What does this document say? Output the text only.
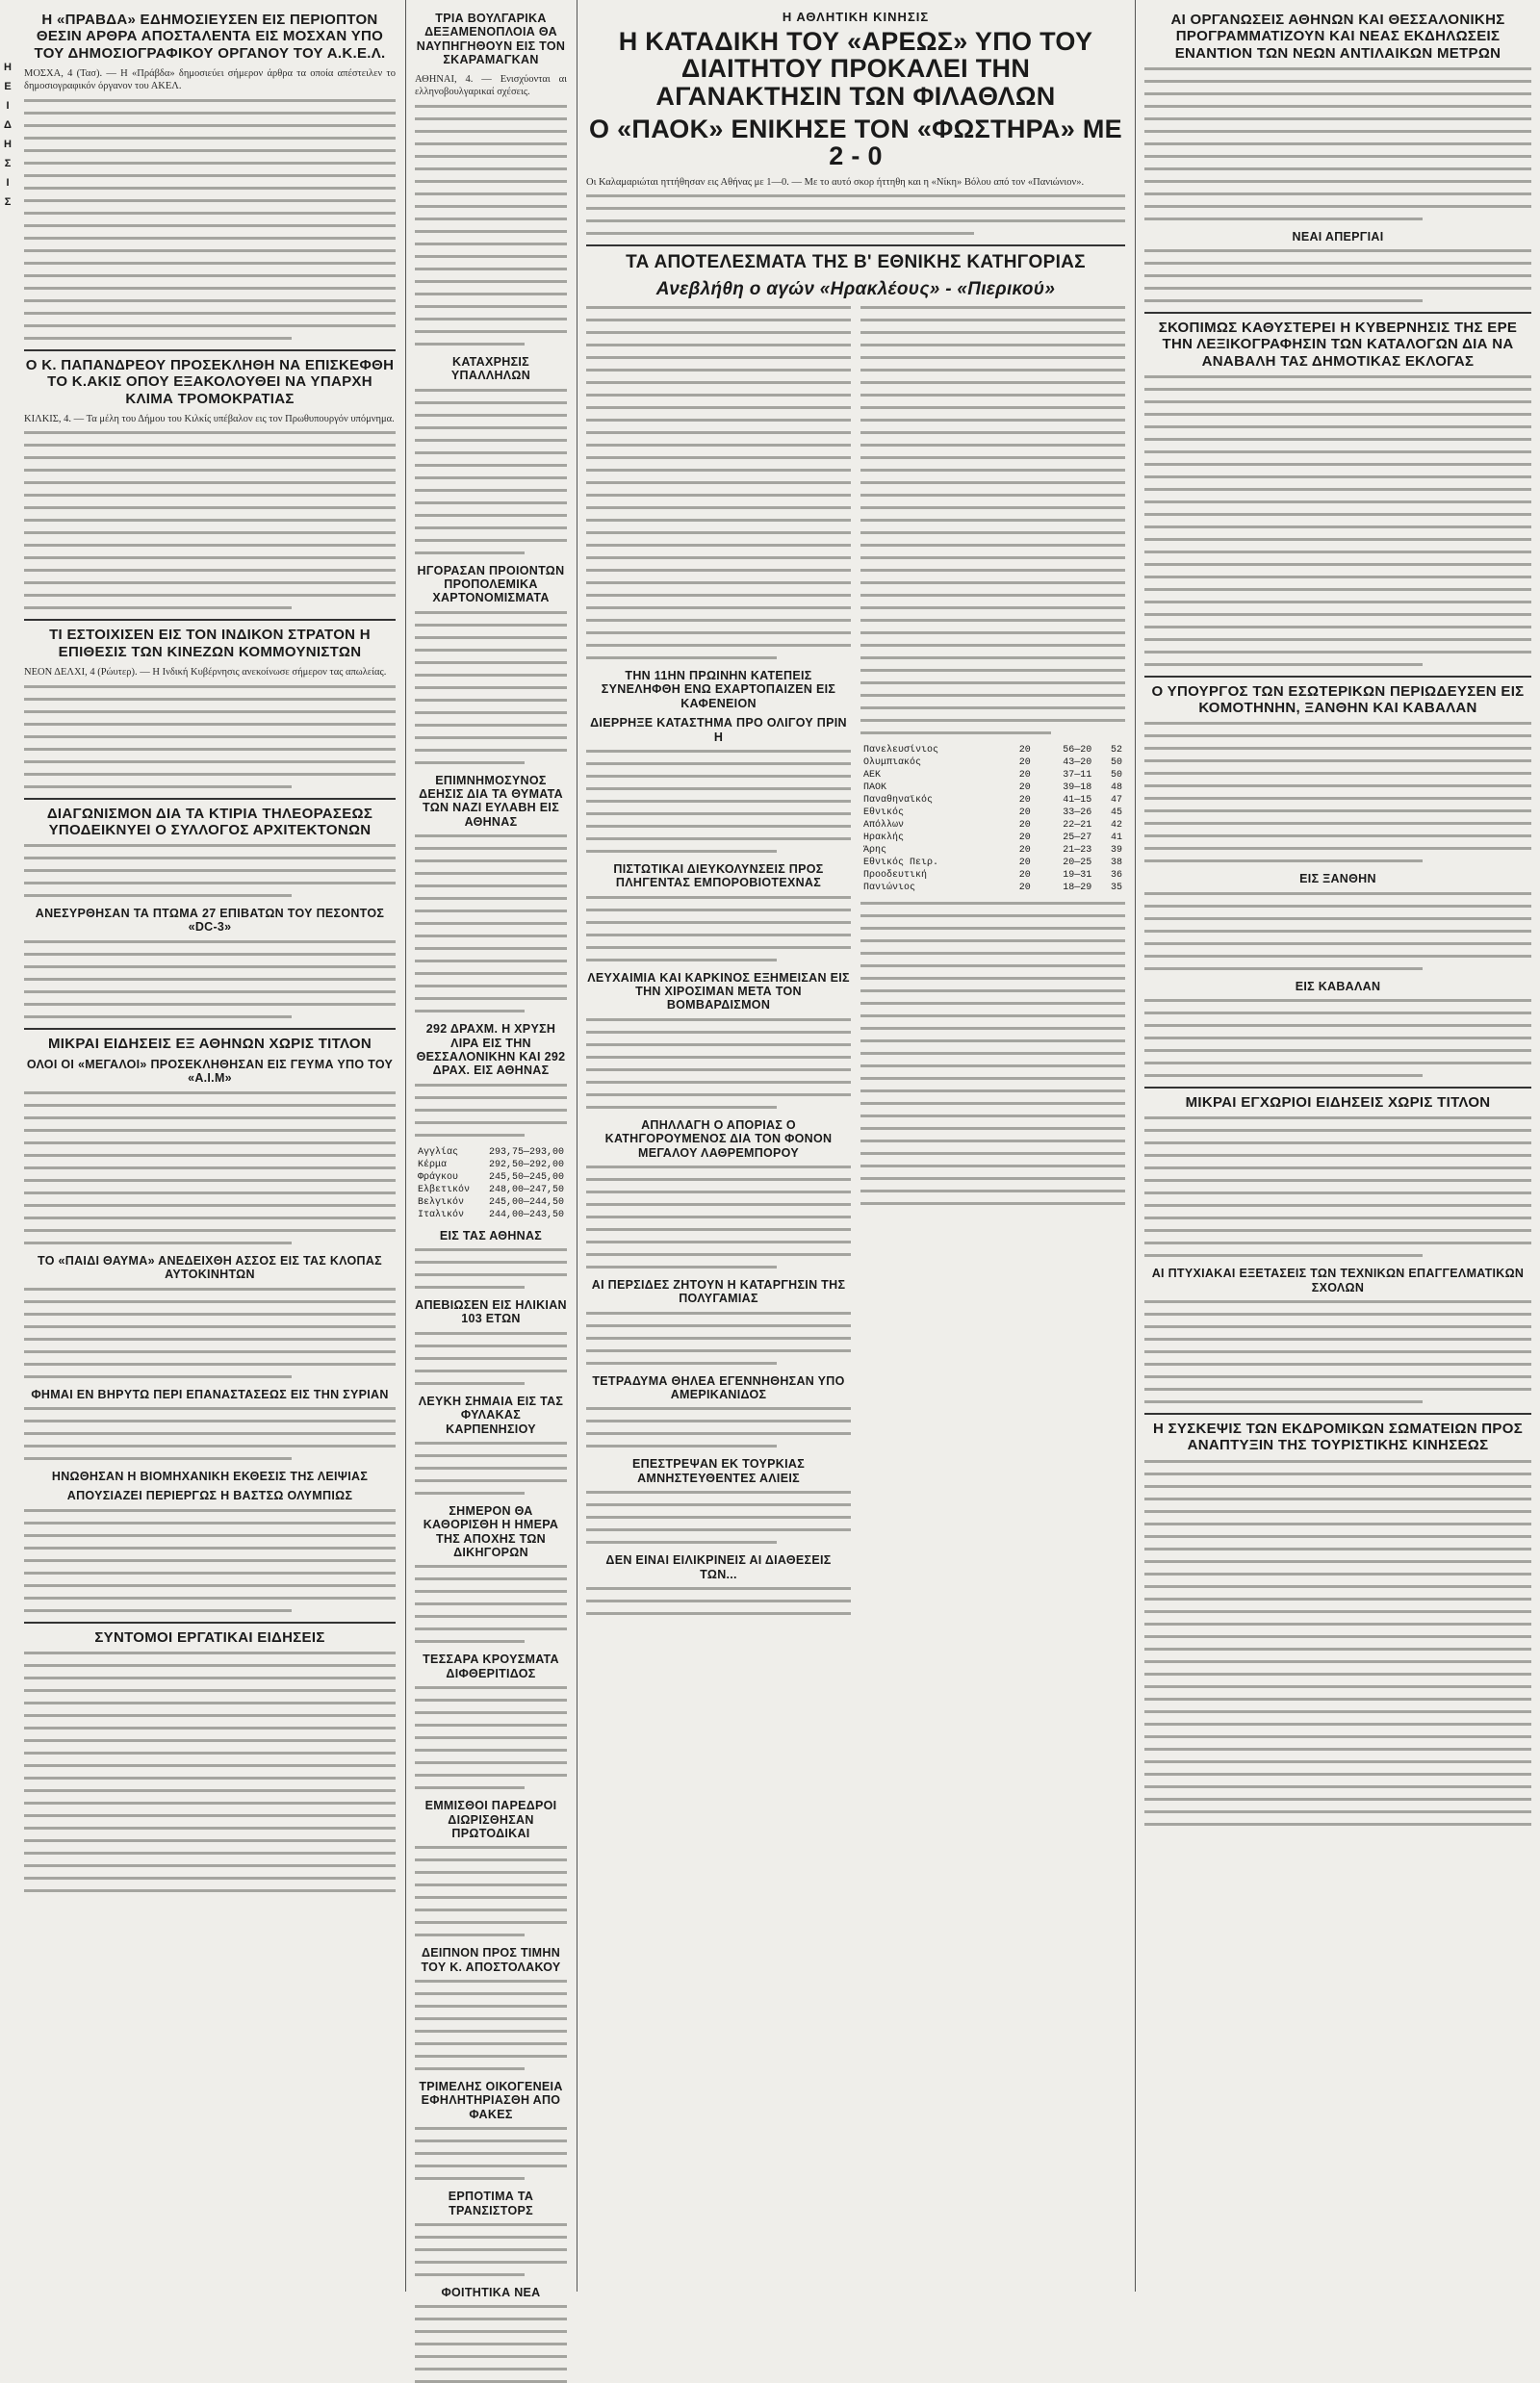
Η
Ε
Ι
Δ
Η
Σ
Ι
Σ
Η «ΠΡΑΒΔΑ» ΕΔΗΜΟΣΙΕΥΣΕΝ ΕΙΣ ΠΕΡΙΟΠΤΟΝ ΘΕΣΙΝ ΑΡΘΡΑ ΑΠΟΣΤΑΛΕΝΤΑ ΕΙΣ ΜΟΣΧΑΝ ΥΠΟ ΤΟΥ ΔΗΜΟΣΙΟΓΡΑΦΙΚΟΥ ΟΡΓΑΝΟΥ ΤΟΥ Α.Κ.Ε.Λ.
ΜΟΣΧΑ, 4 (Τασ). — Η «Πράβδα» δημοσιεύει σήμερον άρθρα τα οποία απέστειλεν το δημοσιογραφικόν όργανον του ΑΚΕΛ.
Ο Κ. ΠΑΠΑΝΔΡΕΟΥ ΠΡΟΣΕΚΛΗΘΗ ΝΑ ΕΠΙΣΚΕΦΘΗ ΤΟ Κ.ΑΚΙΣ ΟΠΟΥ ΕΞΑΚΟΛΟΥΘΕΙ ΝΑ ΥΠΑΡΧΗ ΚΛΙΜΑ ΤΡΟΜΟΚΡΑΤΙΑΣ
ΚΙΛΚΙΣ, 4. — Τα μέλη του Δήμου του Κιλκίς υπέβαλον εις τον Πρωθυπουργόν υπόμνημα.
ΤΙ ΕΣΤΟΙΧΙΣΕΝ ΕΙΣ ΤΟΝ ΙΝΔΙΚΟΝ ΣΤΡΑΤΟΝ Η ΕΠΙΘΕΣΙΣ ΤΩΝ ΚΙΝΕΖΩΝ ΚΟΜΜΟΥΝΙΣΤΩΝ
ΝΕΟΝ ΔΕΛΧΙ, 4 (Ρώυτερ). — Η Ινδική Κυβέρνησις ανεκοίνωσε σήμερον τας απωλείας.
ΔΙΑΓΩΝΙΣΜΟΝ ΔΙΑ ΤΑ ΚΤΙΡΙΑ ΤΗΛΕΟΡΑΣΕΩΣ ΥΠΟΔΕΙΚΝΥΕΙ Ο ΣΥΛΛΟΓΟΣ ΑΡΧΙΤΕΚΤΟΝΩΝ
ΑΝΕΣΥΡΘΗΣΑΝ ΤΑ ΠΤΩΜΑ 27 ΕΠΙΒΑΤΩΝ ΤΟΥ ΠΕΣΟΝΤΟΣ «DC-3»
ΜΙΚΡΑΙ ΕΙΔΗΣΕΙΣ ΕΞ ΑΘΗΝΩΝ ΧΩΡΙΣ ΤΙΤΛΟΝ
ΟΛΟΙ ΟΙ «ΜΕΓΑΛΟΙ» ΠΡΟΣΕΚΛΗΘΗΣΑΝ ΕΙΣ ΓΕΥΜΑ ΥΠΟ ΤΟΥ «Α.Ι.Μ»
ΤΟ «ΠΑΙΔΙ ΘΑΥΜΑ» ΑΝΕΔΕΙΧΘΗ ΑΣΣΟΣ ΕΙΣ ΤΑΣ ΚΛΟΠΑΣ ΑΥΤΟΚΙΝΗΤΩΝ
ΦΗΜΑΙ ΕΝ ΒΗΡΥΤΩ ΠΕΡΙ ΕΠΑΝΑΣΤΑΣΕΩΣ ΕΙΣ ΤΗΝ ΣΥΡΙΑΝ
ΗΝΩΘΗΣΑΝ Η ΒΙΟΜΗΧΑΝΙΚΗ ΕΚΘΕΣΙΣ ΤΗΣ ΛΕΙΨΙΑΣ
ΑΠΟΥΣΙΑΖΕΙ ΠΕΡΙΕΡΓΩΣ Η ΒΑΣΤΣΩ ΟΛΥΜΠΙΩΣ
ΣΥΝΤΟΜΟΙ ΕΡΓΑΤΙΚΑΙ ΕΙΔΗΣΕΙΣ
ΤΡΙΑ ΒΟΥΛΓΑΡΙΚΑ ΔΕΞΑΜΕΝΟΠΛΟΙΑ ΘΑ ΝΑΥΠΗΓΗΘΟΥΝ ΕΙΣ ΤΟΝ ΣΚΑΡΑΜΑΓΚΑΝ
ΑΘΗΝΑΙ, 4. — Ενισχύονται αι ελληνοβουλγαρικαί σχέσεις.
ΚΑΤΑΧΡΗΣΙΣ ΥΠΑΛΛΗΛΩΝ
ΗΓΟΡΑΣΑΝ ΠΡΟΙΟΝΤΩΝ ΠΡΟΠΟΛΕΜΙΚΑ ΧΑΡΤΟΝΟΜΙΣΜΑΤΑ
ΕΠΙΜΝΗΜΟΣΥΝΟΣ ΔΕΗΣΙΣ ΔΙΑ ΤΑ ΘΥΜΑΤΑ ΤΩΝ ΝΑΖΙ ΕΥΛΑΒΗ ΕΙΣ ΑΘΗΝΑΣ
292 ΔΡΑΧΜ. Η ΧΡΥΣΗ ΛΙΡΑ ΕΙΣ ΤΗΝ ΘΕΣΣΑΛΟΝΙΚΗΝ ΚΑΙ 292 ΔΡΑΧ. ΕΙΣ ΑΘΗΝΑΣ
Αγγλίας	293,75—293,00
Κέρμα	292,50—292,00
Φράγκου	245,50—245,00
Ελβετικόν	248,00—247,50
Βελγικόν	245,00—244,50
Ιταλικόν	244,00—243,50
ΕΙΣ ΤΑΣ ΑΘΗΝΑΣ
ΑΠΕΒΙΩΣΕΝ ΕΙΣ ΗΛΙΚΙΑΝ 103 ΕΤΩΝ
ΛΕΥΚΗ ΣΗΜΑΙΑ ΕΙΣ ΤΑΣ ΦΥΛΑΚΑΣ ΚΑΡΠΕΝΗΣΙΟΥ
ΣΗΜΕΡΟΝ ΘΑ ΚΑΘΟΡΙΣΘΗ Η ΗΜΕΡΑ ΤΗΣ ΑΠΟΧΗΣ ΤΩΝ ΔΙΚΗΓΟΡΩΝ
ΤΕΣΣΑΡΑ ΚΡΟΥΣΜΑΤΑ ΔΙΦΘΕΡΙΤΙΔΟΣ
ΕΜΜΙΣΘΟΙ ΠΑΡΕΔΡΟΙ ΔΙΩΡΙΣΘΗΣΑΝ ΠΡΩΤΟΔΙΚΑΙ
ΔΕΙΠΝΟΝ ΠΡΟΣ ΤΙΜΗΝ ΤΟΥ Κ. ΑΠΟΣΤΟΛΑΚΟΥ
ΤΡΙΜΕΛΗΣ ΟΙΚΟΓΕΝΕΙΑ ΕΦΗΛΗΤΗΡΙΑΣΘΗ ΑΠΟ ΦΑΚΕΣ
ΕΡΠΟΤΙΜΑ ΤΑ ΤΡΑΝΣΙΣΤΟΡΣ
ΦΟΙΤΗΤΙΚΑ ΝΕΑ
Η ΑΘΛΗΤΙΚΗ ΚΙΝΗΣΙΣ
Η ΚΑΤΑΔΙΚΗ ΤΟΥ «ΑΡΕΩΣ» ΥΠΟ ΤΟΥ ΔΙΑΙΤΗΤΟΥ ΠΡΟΚΑΛΕΙ ΤΗΝ ΑΓΑΝΑΚΤΗΣΙΝ ΤΩΝ ΦΙΛΑΘΛΩΝ
Ο «ΠΑΟΚ» ΕΝΙΚΗΣΕ ΤΟΝ «ΦΩΣΤΗΡΑ» ΜΕ 2 - 0
Οι Καλαμαριώται ηττήθησαν εις Αθήνας με 1—0. — Με το αυτό σκορ ήττηθη και η «Νίκη» Βόλου από τον «Πανιώνιον».
ΤΑ ΑΠΟΤΕΛΕΣΜΑΤΑ ΤΗΣ Β' ΕΘΝΙΚΗΣ ΚΑΤΗΓΟΡΙΑΣ
Ανεβλήθη ο αγών «Ηρακλέους» - «Πιερικού»
ΤΗΝ 11ΗΝ ΠΡΩΙΝΗΝ ΚΑΤΕΠΕΙΣ ΣΥΝΕΛΗΦΘΗ ΕΝΩ ΕΧΑΡΤΟΠΑΙΖΕΝ ΕΙΣ ΚΑΦΕΝΕΙΟΝ
ΔΙΕΡΡΗΞΕ ΚΑΤΑΣΤΗΜΑ ΠΡΟ ΟΛΙΓΟΥ ΠΡΙΝ Η
ΠΙΣΤΩΤΙΚΑΙ ΔΙΕΥΚΟΛΥΝΣΕΙΣ ΠΡΟΣ ΠΛΗΓΕΝΤΑΣ ΕΜΠΟΡΟΒΙΟΤΕΧΝΑΣ
ΛΕΥΧΑΙΜΙΑ ΚΑΙ ΚΑΡΚΙΝΟΣ ΕΞΗΜΕΙΣΑΝ ΕΙΣ ΤΗΝ ΧΙΡΟΣΙΜΑΝ ΜΕΤΑ ΤΟΝ ΒΟΜΒΑΡΔΙΣΜΟΝ
ΑΠΗΛΛΑΓΗ Ο ΑΠΟΡΙΑΣ Ο ΚΑΤΗΓΟΡΟΥΜΕΝΟΣ ΔΙΑ ΤΟΝ ΦΟΝΟΝ ΜΕΓΑΛΟΥ ΛΑΘΡΕΜΠΟΡΟΥ
ΑΙ ΠΕΡΣΙΔΕΣ ΖΗΤΟΥΝ Η ΚΑΤΑΡΓΗΣΙΝ ΤΗΣ ΠΟΛΥΓΑΜΙΑΣ
ΤΕΤΡΑΔΥΜΑ ΘΗΛΕΑ ΕΓΕΝΝΗΘΗΣΑΝ ΥΠΟ ΑΜΕΡΙΚΑΝΙΔΟΣ
ΕΠΕΣΤΡΕΨΑΝ ΕΚ ΤΟΥΡΚΙΑΣ ΑΜΝΗΣΤΕΥΘΕΝΤΕΣ ΑΛΙΕΙΣ
ΔΕΝ ΕΙΝΑΙ ΕΙΛΙΚΡΙΝΕΙΣ ΑΙ ΔΙΑΘΕΣΕΙΣ ΤΩΝ...
Πανελευσίνιος	20	56—20	52
Ολυμπιακός	20	43—20	50
ΑΕΚ	20	37—11	50
ΠΑΟΚ	20	39—18	48
Παναθηναϊκός	20	41—15	47
Εθνικός	20	33—26	45
Απόλλων	20	22—21	42
Ηρακλής	20	25—27	41
Άρης	20	21—23	39
Εθνικός Πειρ.	20	20—25	38
Προοδευτική	20	19—31	36
Πανιώνιος	20	18—29	35
ΑΙ ΟΡΓΑΝΩΣΕΙΣ ΑΘΗΝΩΝ ΚΑΙ ΘΕΣΣΑΛΟΝΙΚΗΣ ΠΡΟΓΡΑΜΜΑΤΙΖΟΥΝ ΚΑΙ ΝΕΑΣ ΕΚΔΗΛΩΣΕΙΣ ΕΝΑΝΤΙΟΝ ΤΩΝ ΝΕΩΝ ΑΝΤΙΛΑΙΚΩΝ ΜΕΤΡΩΝ
ΝΕΑΙ ΑΠΕΡΓΙΑΙ
ΣΚΟΠΙΜΩΣ ΚΑΘΥΣΤΕΡΕΙ Η ΚΥΒΕΡΝΗΣΙΣ ΤΗΣ ΕΡΕ ΤΗΝ ΛΕΞΙΚΟΓΡΑΦΗΣΙΝ ΤΩΝ ΚΑΤΑΛΟΓΩΝ ΔΙΑ ΝΑ ΑΝΑΒΑΛΗ ΤΑΣ ΔΗΜΟΤΙΚΑΣ ΕΚΛΟΓΑΣ
Ο ΥΠΟΥΡΓΟΣ ΤΩΝ ΕΣΩΤΕΡΙΚΩΝ ΠΕΡΙΩΔΕΥΣΕΝ ΕΙΣ ΚΟΜΟΤΗΝΗΝ, ΞΑΝΘΗΝ ΚΑΙ ΚΑΒΑΛΑΝ
ΕΙΣ ΞΑΝΘΗΝ
ΕΙΣ ΚΑΒΑΛΑΝ
ΜΙΚΡΑΙ ΕΓΧΩΡΙΟΙ ΕΙΔΗΣΕΙΣ ΧΩΡΙΣ ΤΙΤΛΟΝ
ΑΙ ΠΤΥΧΙΑΚΑΙ ΕΞΕΤΑΣΕΙΣ ΤΩΝ ΤΕΧΝΙΚΩΝ ΕΠΑΓΓΕΛΜΑΤΙΚΩΝ ΣΧΟΛΩΝ
Η ΣΥΣΚΕΨΙΣ ΤΩΝ ΕΚΔΡΟΜΙΚΩΝ ΣΩΜΑΤΕΙΩΝ ΠΡΟΣ ΑΝΑΠΤΥΞΙΝ ΤΗΣ ΤΟΥΡΙΣΤΙΚΗΣ ΚΙΝΗΣΕΩΣ
